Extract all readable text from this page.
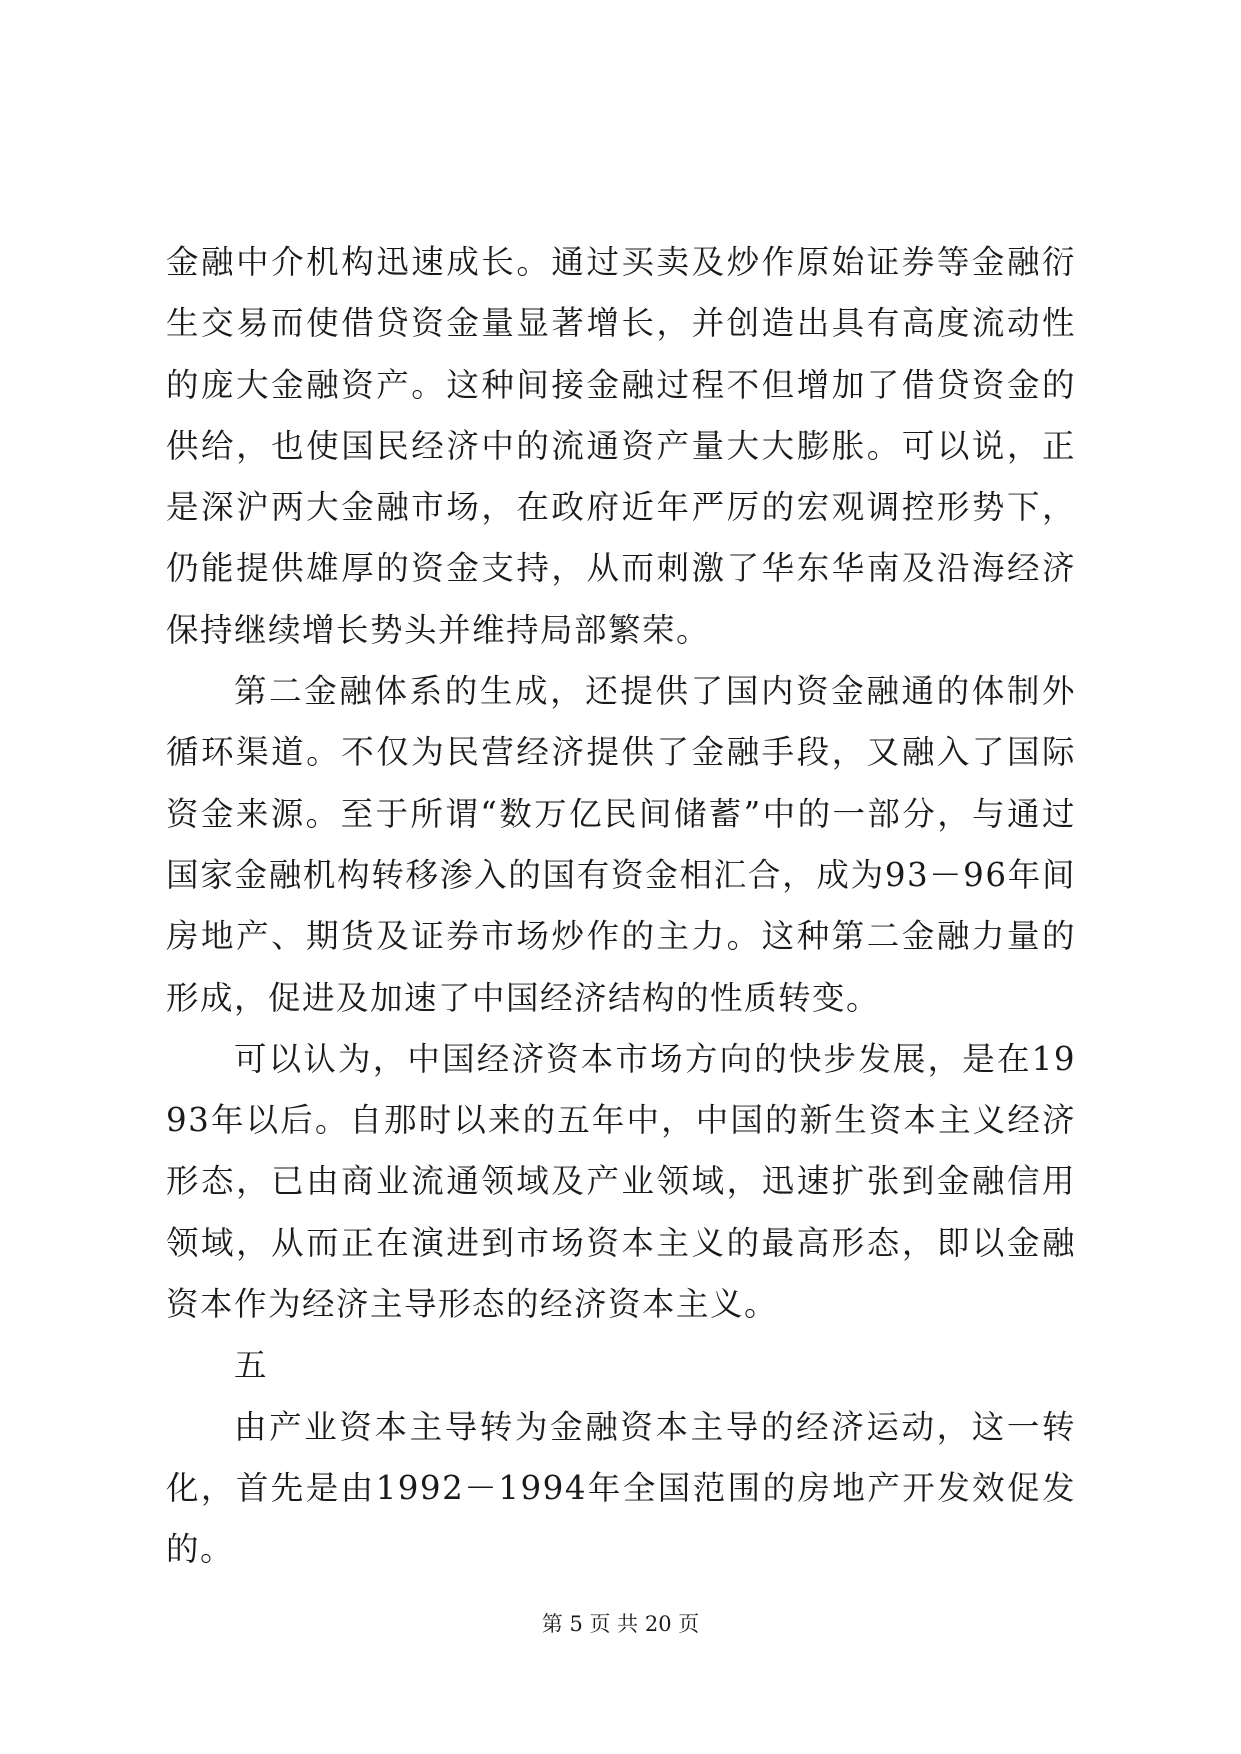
金融中介机构迅速成长。通过买卖及炒作原始证券等金融衍生交易而使借贷资金量显著增长，并创造出具有高度流动性的庞大金融资产。这种间接金融过程不但增加了借贷资金的供给，也使国民经济中的流通资产量大大膨胀。可以说，正是深沪两大金融市场，在政府近年严厉的宏观调控形势下，仍能提供雄厚的资金支持，从而刺激了华东华南及沿海经济保持继续增长势头并维持局部繁荣。

第二金融体系的生成，还提供了国内资金融通的体制外循环渠道。不仅为民营经济提供了金融手段，又融入了国际资金来源。至于所谓“数万亿民间储蓄”中的一部分，与通过国家金融机构转移渗入的国有资金相汇合，成为93－96年间房地产、期货及证券市场炒作的主力。这种第二金融力量的形成，促进及加速了中国经济结构的性质转变。

可以认为，中国经济资本市场方向的快步发展，是在1993年以后。自那时以来的五年中，中国的新生资本主义经济形态，已由商业流通领域及产业领域，迅速扩张到金融信用领域，从而正在演进到市场资本主义的最高形态，即以金融资本作为经济主导形态的经济资本主义。

五

由产业资本主导转为金融资本主导的经济运动，这一转化，首先是由1992－1994年全国范围的房地产开发效促发的。

第 5 页 共 20 页
